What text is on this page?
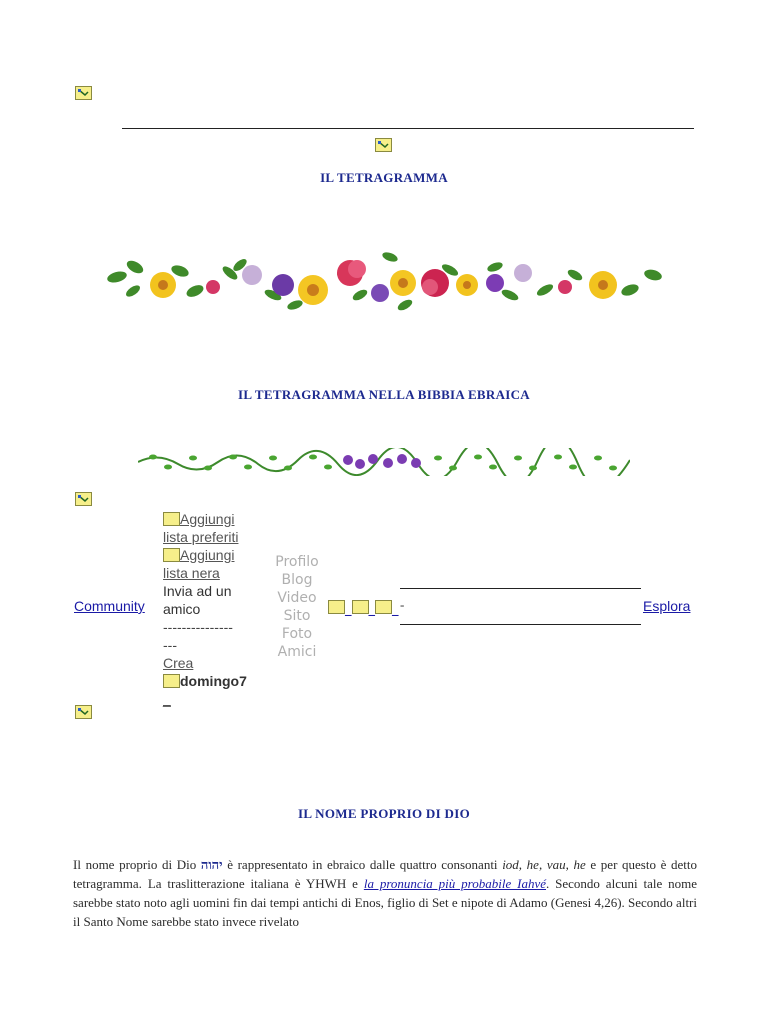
IL TETRAGRAMMA
IL TETRAGRAMMA NELLA BIBBIA EBRAICA
Community
Aggiungi
lista preferiti
Aggiungi
lista nera
Invia ad un
amico
---------------
---
Crea
domingo7
_
Profilo
Blog
Video
Sito
Foto
Amici
_ _ _ -	Esplora
IL NOME PROPRIO DI DIO
Il nome proprio di Dio יהוה è rappresentato in ebraico dalle quattro consonanti iod, he, vau, he e per questo è detto tetragramma. La traslitterazione italiana è YHWH e la pronuncia più probabile Iahvé. Secondo alcuni tale nome sarebbe stato noto agli uomini fin dai tempi antichi di Enos, figlio di Set e nipote di Adamo (Genesi 4,26). Secondo altri il Santo Nome sarebbe stato invece rivelato
